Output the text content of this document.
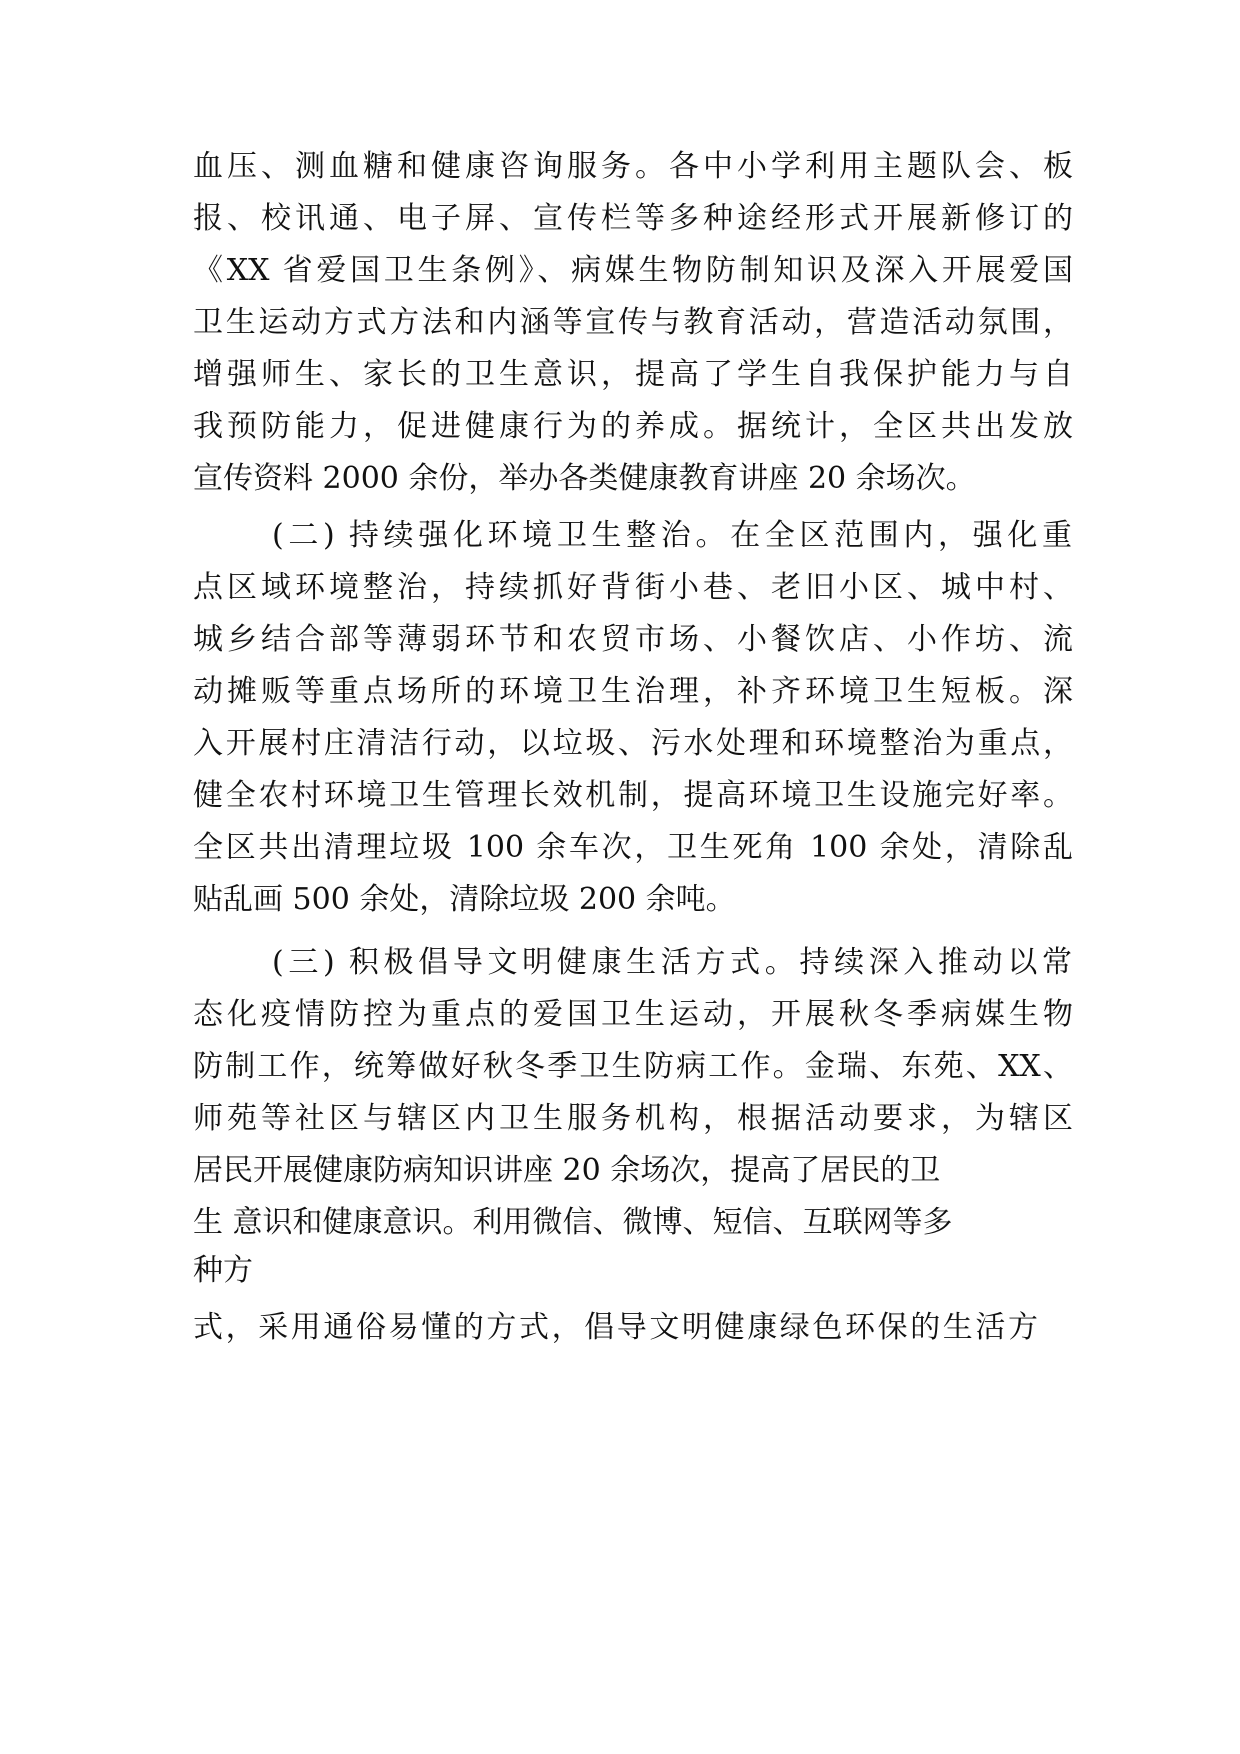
血压、测血糖和健康咨询服务。各中小学利用主题队会、板

报、校讯通、电子屏、宣传栏等多种途经形式开展新修订的

《XX 省爱国卫生条例》、病媒生物防制知识及深入开展爱国

卫生运动方式方法和内涵等宣传与教育活动，营造活动氛围，

增强师生、家长的卫生意识，提高了学生自我保护能力与自

我预防能力，促进健康行为的养成。据统计，全区共出发放

宣传资料 2000 余份，举办各类健康教育讲座 20 余场次。

(二) 持续强化环境卫生整治。在全区范围内，强化重

点区域环境整治，持续抓好背街小巷、老旧小区、城中村、

城乡结合部等薄弱环节和农贸市场、小餐饮店、小作坊、流

动摊贩等重点场所的环境卫生治理，补齐环境卫生短板。深

入开展村庄清洁行动，以垃圾、污水处理和环境整治为重点，

健全农村环境卫生管理长效机制，提高环境卫生设施完好率。

全区共出清理垃圾 100 余车次，卫生死角 100 余处，清除乱

贴乱画 500 余处，清除垃圾 200 余吨。

(三) 积极倡导文明健康生活方式。持续深入推动以常

态化疫情防控为重点的爱国卫生运动，开展秋冬季病媒生物

防制工作，统筹做好秋冬季卫生防病工作。金瑞、东苑、XX、

师苑等社区与辖区内卫生服务机构，根据活动要求，为辖区

居民开展健康防病知识讲座 20 余场次，提高了居民的卫

生 意识和健康意识。利用微信、微博、短信、互联网等多

种方

式，采用通俗易懂的方式，倡导文明健康绿色环保的生活方
